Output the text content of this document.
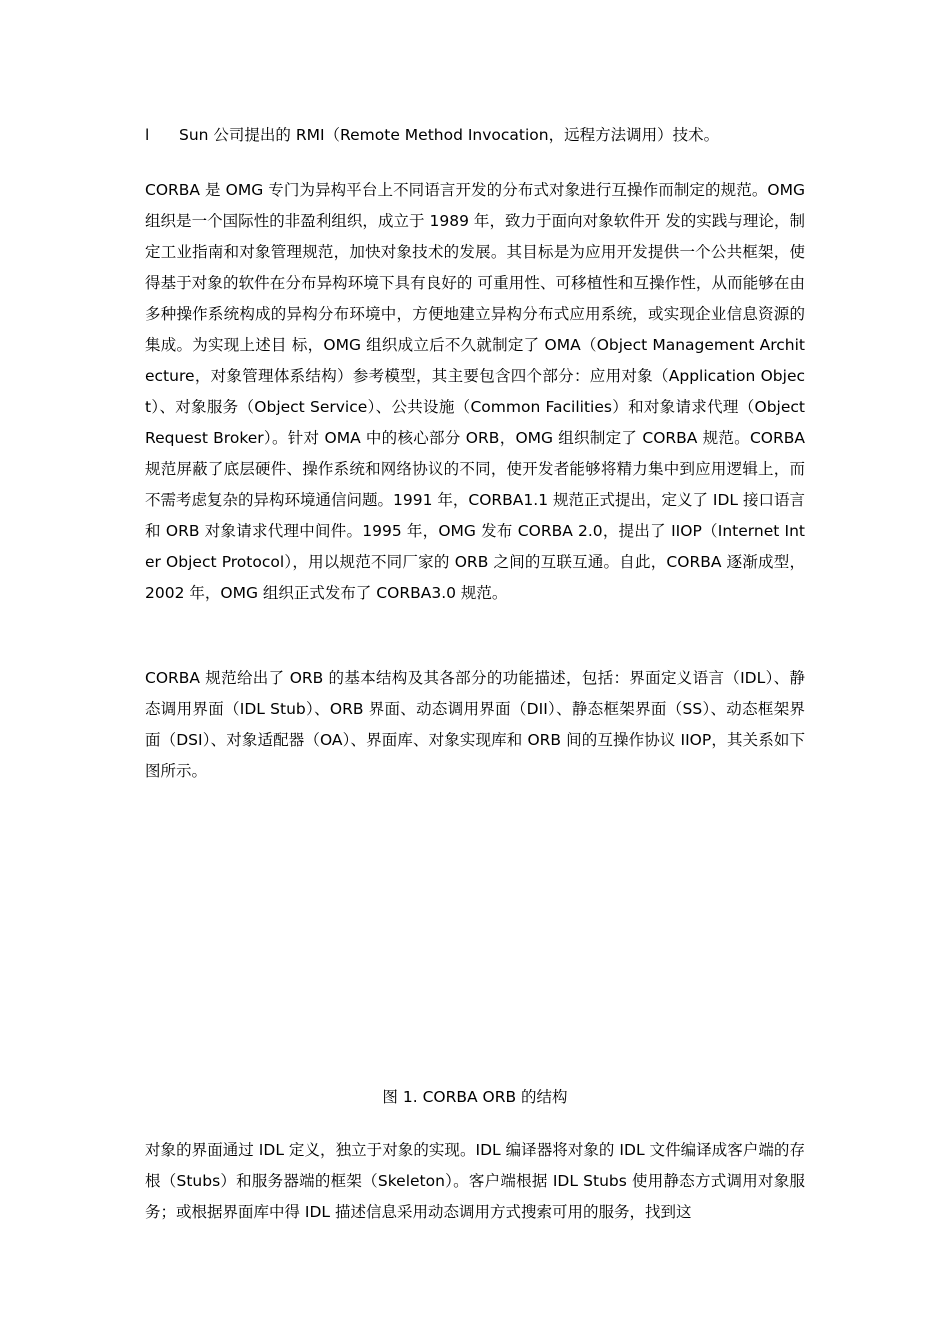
l	Sun 公司提出的 RMI（Remote Method Invocation，远程方法调用）技术。

CORBA 是 OMG 专门为异构平台上不同语言开发的分布式对象进行互操作而制定的规范。OMG 组织是一个国际性的非盈利组织，成立于 1989 年，致力于面向对象软件开 发的实践与理论，制定工业指南和对象管理规范，加快对象技术的发展。其目标是为应用开发提供一个公共框架，使得基于对象的软件在分布异构环境下具有良好的 可重用性、可移植性和互操作性，从而能够在由多种操作系统构成的异构分布环境中，方便地建立异构分布式应用系统，或实现企业信息资源的集成。为实现上述目 标，OMG 组织成立后不久就制定了 OMA（Object Management Architecture，对象管理体系结构）参考模型，其主要包含四个部分：应用对象（Application Object）、对象服务（Object Service）、公共设施（Common Facilities）和对象请求代理（Object Request Broker）。针对 OMA 中的核心部分 ORB，OMG 组织制定了 CORBA 规范。CORBA 规范屏蔽了底层硬件、操作系统和网络协议的不同，使开发者能够将精力集中到应用逻辑上，而不需考虑复杂的异构环境通信问题。1991 年，CORBA1.1 规范正式提出，定义了 IDL 接口语言和 ORB 对象请求代理中间件。1995 年，OMG 发布 CORBA 2.0，提出了 IIOP（Internet Inter Object Protocol），用以规范不同厂家的 ORB 之间的互联互通。自此，CORBA 逐渐成型，2002 年，OMG 组织正式发布了 CORBA3.0 规范。

CORBA 规范给出了 ORB 的基本结构及其各部分的功能描述，包括：界面定义语言（IDL）、静态调用界面（IDL Stub）、ORB 界面、动态调用界面（DII）、静态框架界面（SS）、动态框架界面（DSI）、对象适配器（OA）、界面库、对象实现库和 ORB 间的互操作协议 IIOP，其关系如下图所示。

图 1. CORBA ORB 的结构

对象的界面通过 IDL 定义，独立于对象的实现。IDL 编译器将对象的 IDL 文件编译成客户端的存根（Stubs）和服务器端的框架（Skeleton）。客户端根据 IDL Stubs 使用静态方式调用对象服务；或根据界面库中得 IDL 描述信息采用动态调用方式搜索可用的服务，找到这
